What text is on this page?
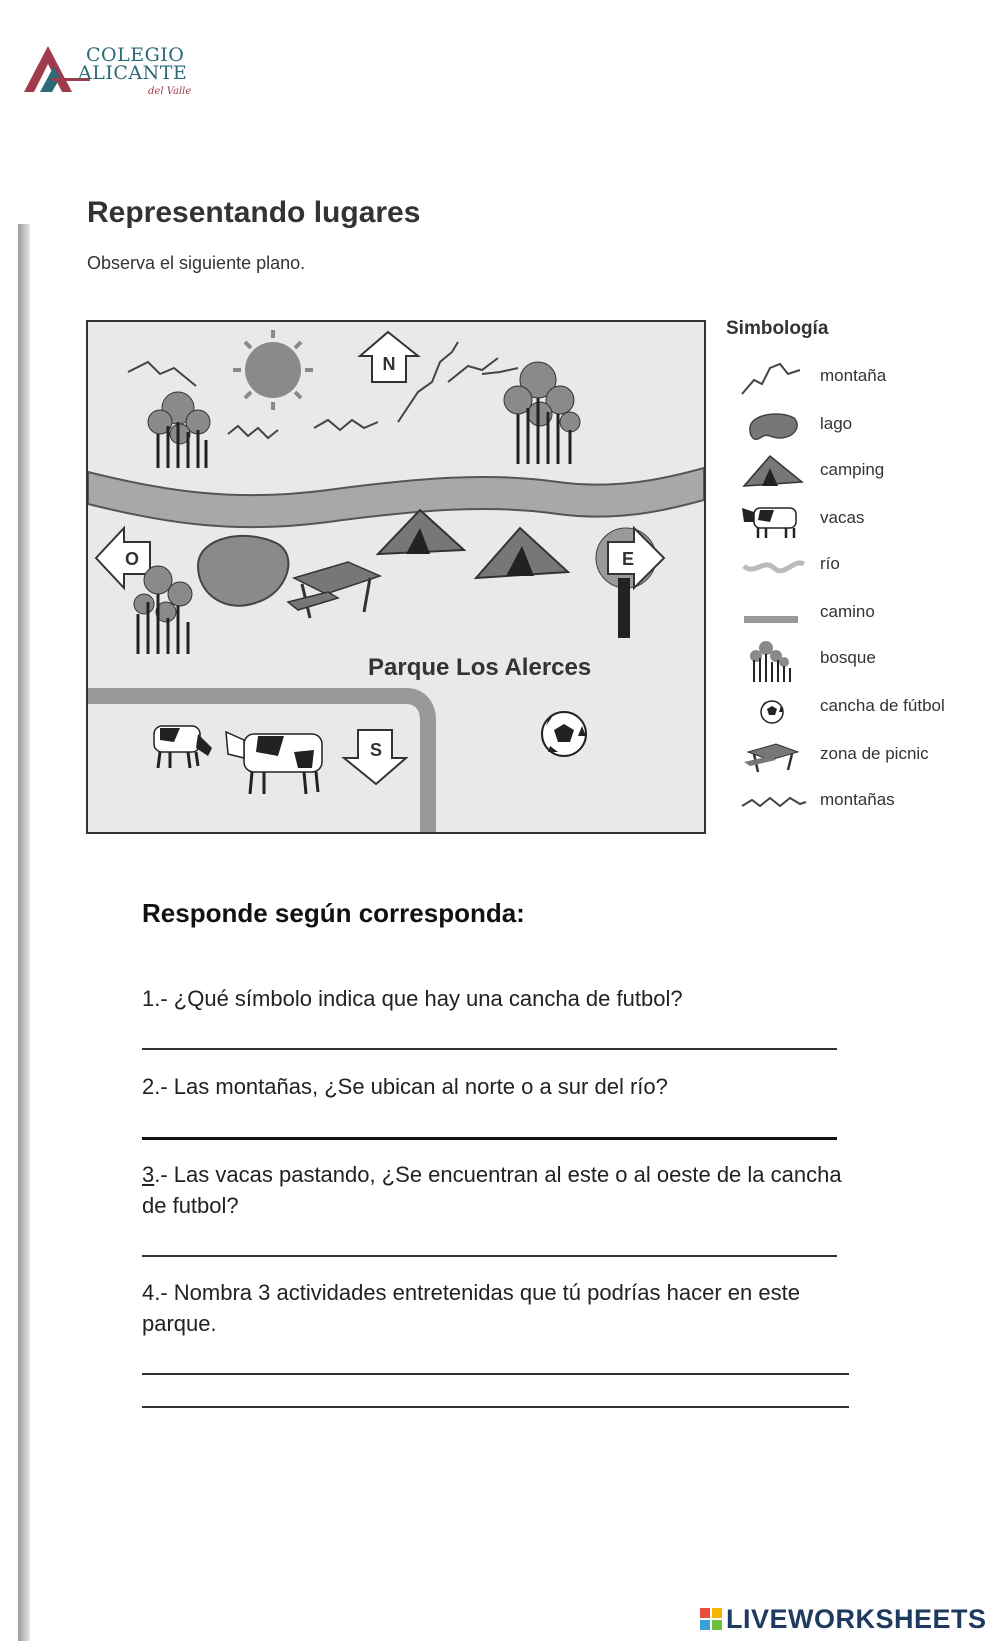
COLEGIO
ALICANTE
del Valle
Representando lugares
Observa el siguiente plano.
N
O	E
S
Parque Los Alerces
Simbología
montaña
lago
camping
vacas
río
camino
bosque
cancha de fútbol
zona de picnic
montañas
Responde según corresponda:
1.- ¿Qué símbolo indica que hay una cancha de futbol?
2.- Las montañas, ¿Se ubican al norte o a sur del río?
3.- Las vacas pastando, ¿Se encuentran al este o al oeste de la cancha de futbol?
4.- Nombra 3 actividades entretenidas que tú podrías hacer en este parque.
LIVEWORKSHEETS
